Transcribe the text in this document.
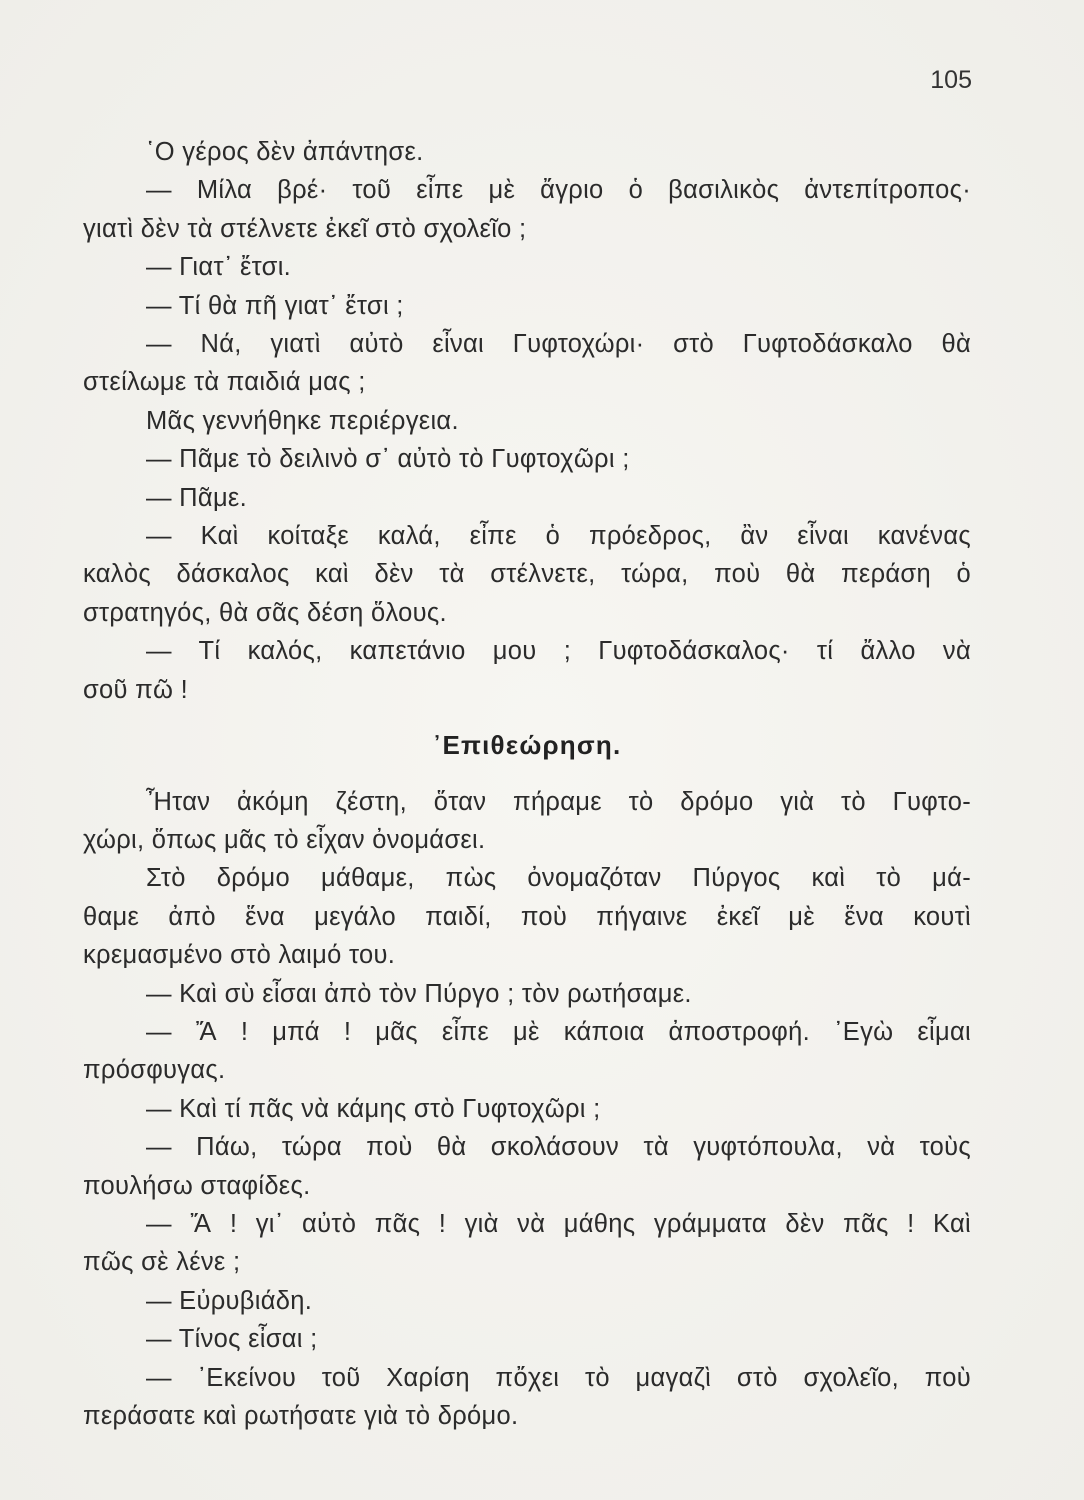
105

῾Ο γέρος δὲν ἀπάντησε.

— Μίλα βρέ· τοῦ εἶπε μὲ ἄγριο ὁ βασιλικὸς ἀντεπίτροπος·

γιατὶ δὲν τὰ στέλνετε ἐκεῖ στὸ σχολεῖο ;

— Γιατ᾽ ἔτσι.

— Τί θὰ πῆ γιατ᾽ ἔτσι ;

— Νά, γιατὶ αὐτὸ εἶναι Γυφτοχώρι· στὸ Γυφτοδάσκαλο θὰ

στείλωμε τὰ παιδιά μας ;

Μᾶς γεννήθηκε περιέργεια.

— Πᾶμε τὸ δειλινὸ σ᾽ αὐτὸ τὸ Γυφτοχῶρι ;

— Πᾶμε.

— Καὶ κοίταξε καλά, εἶπε ὁ πρόεδρος, ἂν εἶναι κανένας

καλὸς δάσκαλος καὶ δὲν τὰ στέλνετε, τώρα, ποὺ θὰ περάση ὁ

στρατηγός, θὰ σᾶς δέση ὅλους.

— Τί καλός, καπετάνιο μου ; Γυφτοδάσκαλος· τί ἄλλο νὰ

σοῦ πῶ !

᾽Επιθεώρηση.

Ἦταν ἀκόμη ζέστη, ὅταν πήραμε τὸ δρόμο γιὰ τὸ Γυφτο-

χώρι, ὅπως μᾶς τὸ εἶχαν ὀνομάσει.

Στὸ δρόμο μάθαμε, πὼς ὀνομαζόταν Πύργος καὶ τὸ μά-

θαμε ἀπὸ ἕνα μεγάλο παιδί, ποὺ πήγαινε ἐκεῖ μὲ ἕνα κουτὶ

κρεμασμένο στὸ λαιμό του.

— Καὶ σὺ εἶσαι ἀπὸ τὸν Πύργο ; τὸν ρωτήσαμε.

— Ἄ ! μπά ! μᾶς εἶπε μὲ κάποια ἀποστροφή. ᾽Εγὼ εἶμαι

πρόσφυγας.

— Καὶ τί πᾶς νὰ κάμης στὸ Γυφτοχῶρι ;

— Πάω, τώρα ποὺ θὰ σκολάσουν τὰ γυφτόπουλα, νὰ τοὺς

πουλήσω σταφίδες.

— Ἄ ! γι᾽ αὐτὸ πᾶς ! γιὰ νὰ μάθης γράμματα δὲν πᾶς ! Καὶ

πῶς σὲ λένε ;

— Εὐρυβιάδη.

— Τίνος εἶσαι ;

— ᾽Εκείνου τοῦ Χαρίση πὄχει τὸ μαγαζὶ στὸ σχολεῖο, ποὺ

περάσατε καὶ ρωτήσατε γιὰ τὸ δρόμο.
